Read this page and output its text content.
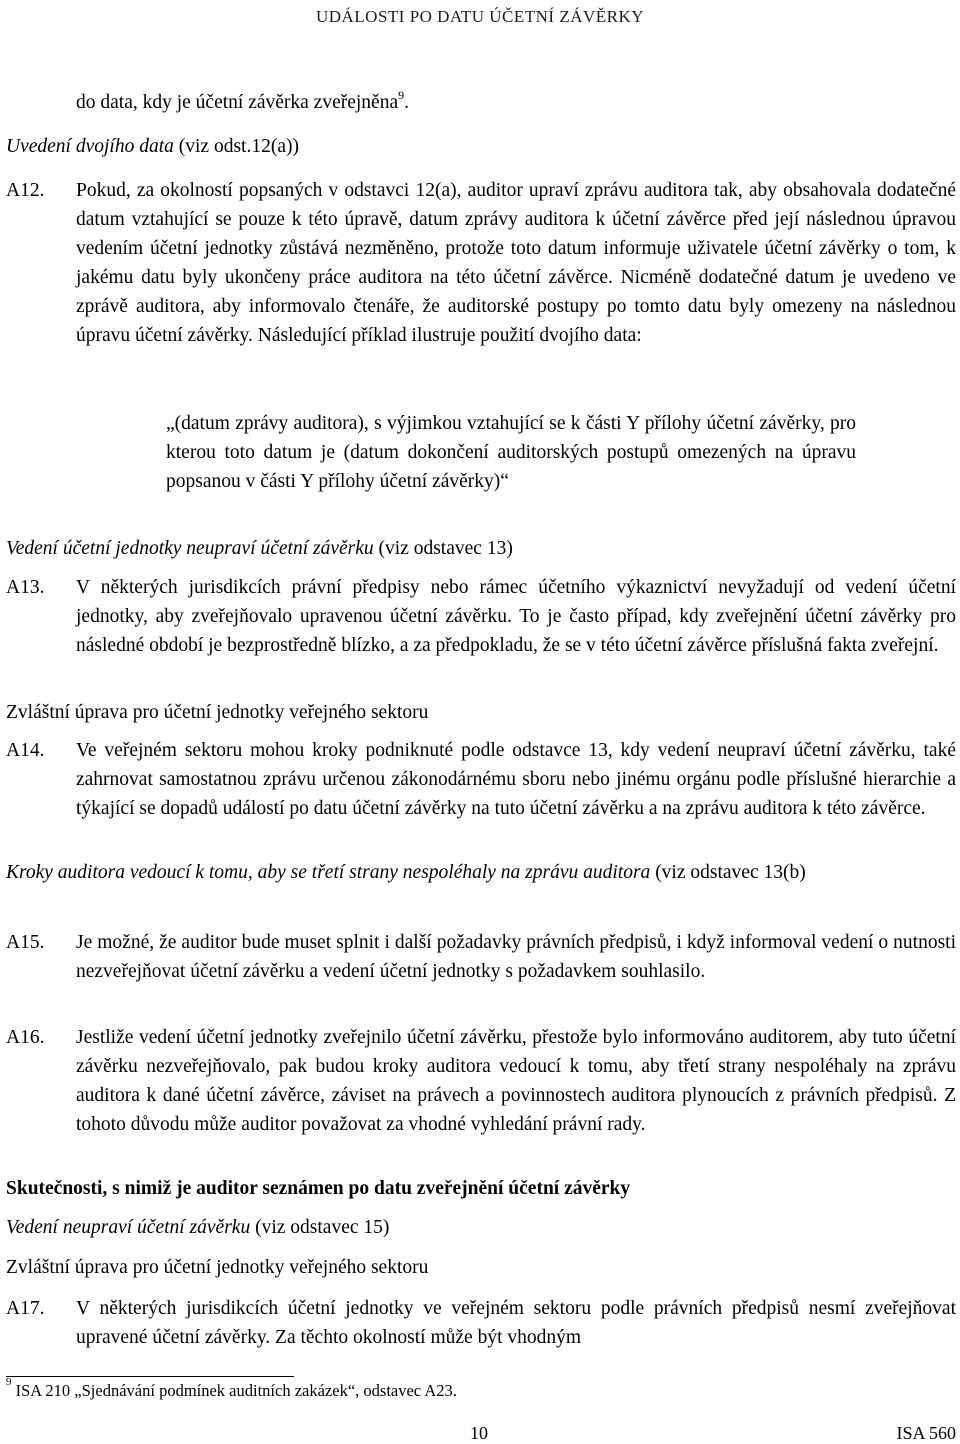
UDÁLOSTI PO DATU ÚČETNÍ ZÁVĚRKY
do data, kdy je účetní závěrka zveřejněna$^9$.
Uvedení dvojího data (viz odst.12(a))
A12. Pokud, za okolností popsaných v odstavci 12(a), auditor upraví zprávu auditora tak, aby obsahovala dodatečné datum vztahující se pouze k této úpravě, datum zprávy auditora k účetní závěrce před její následnou úpravou vedením účetní jednotky zůstává nezměněno, protože toto datum informuje uživatele účetní závěrky o tom, k jakému datu byly ukončeny práce auditora na této účetní závěrce. Nicméně dodatečné datum je uvedeno ve zprávě auditora, aby informovalo čtenáře, že auditorské postupy po tomto datu byly omezeny na následnou úpravu účetní závěrky. Následující příklad ilustruje použití dvojího data:
„(datum zprávy auditora), s výjimkou vztahující se k části Y přílohy účetní závěrky, pro kterou toto datum je (datum dokončení auditorských postupů omezených na úpravu popsanou v části Y přílohy účetní závěrky)“
Vedení účetní jednotky neupraví účetní závěrku (viz odstavec 13)
A13. V některých jurisdikcích právní předpisy nebo rámec účetního výkaznictví nevyžadují od vedení účetní jednotky, aby zveřejňovalo upravenou účetní závěrku. To je často případ, kdy zveřejnění účetní závěrky pro následné období je bezprostředně blízko, a za předpokladu, že se v této účetní závěrce příslušná fakta zveřejní.
Zvláštní úprava pro účetní jednotky veřejného sektoru
A14. Ve veřejném sektoru mohou kroky podniknuté podle odstavce 13, kdy vedení neupraví účetní závěrku, také zahrnovat samostatnou zprávu určenou zákonodárnému sboru nebo jinému orgánu podle příslušné hierarchie a týkající se dopadů událostí po datu účetní závěrky na tuto účetní závěrku a na zprávu auditora k této závěrce.
Kroky auditora vedoucí k tomu, aby se třetí strany nespoléhaly na zprávu auditora (viz odstavec 13(b)
A15. Je možné, že auditor bude muset splnit i další požadavky právních předpisů, i když informoval vedení o nutnosti nezveřejňovat účetní závěrku a vedení účetní jednotky s požadavkem souhlasilo.
A16. Jestliže vedení účetní jednotky zveřejnilo účetní závěrku, přestože bylo informováno auditorem, aby tuto účetní závěrku nezveřejňovalo, pak budou kroky auditora vedoucí k tomu, aby třetí strany nespoléhaly na zprávu auditora k dané účetní závěrce, záviset na právech a povinnostech auditora plynoucích z právních předpisů. Z tohoto důvodu může auditor považovat za vhodné vyhledání právní rady.
Skutečnosti, s nimiž je auditor seznámen po datu zveřejnění účetní závěrky
Vedení neupraví účetní závěrku (viz odstavec 15)
Zvláštní úprava pro účetní jednotky veřejného sektoru
A17. V některých jurisdikcích účetní jednotky ve veřejném sektoru podle právních předpisů nesmí zveřejňovat upravené účetní závěrky. Za těchto okolností může být vhodným
$^9$ ISA 210 „Sjednávání podmínek auditních zakázek“, odstavec A23.
10	ISA 560
